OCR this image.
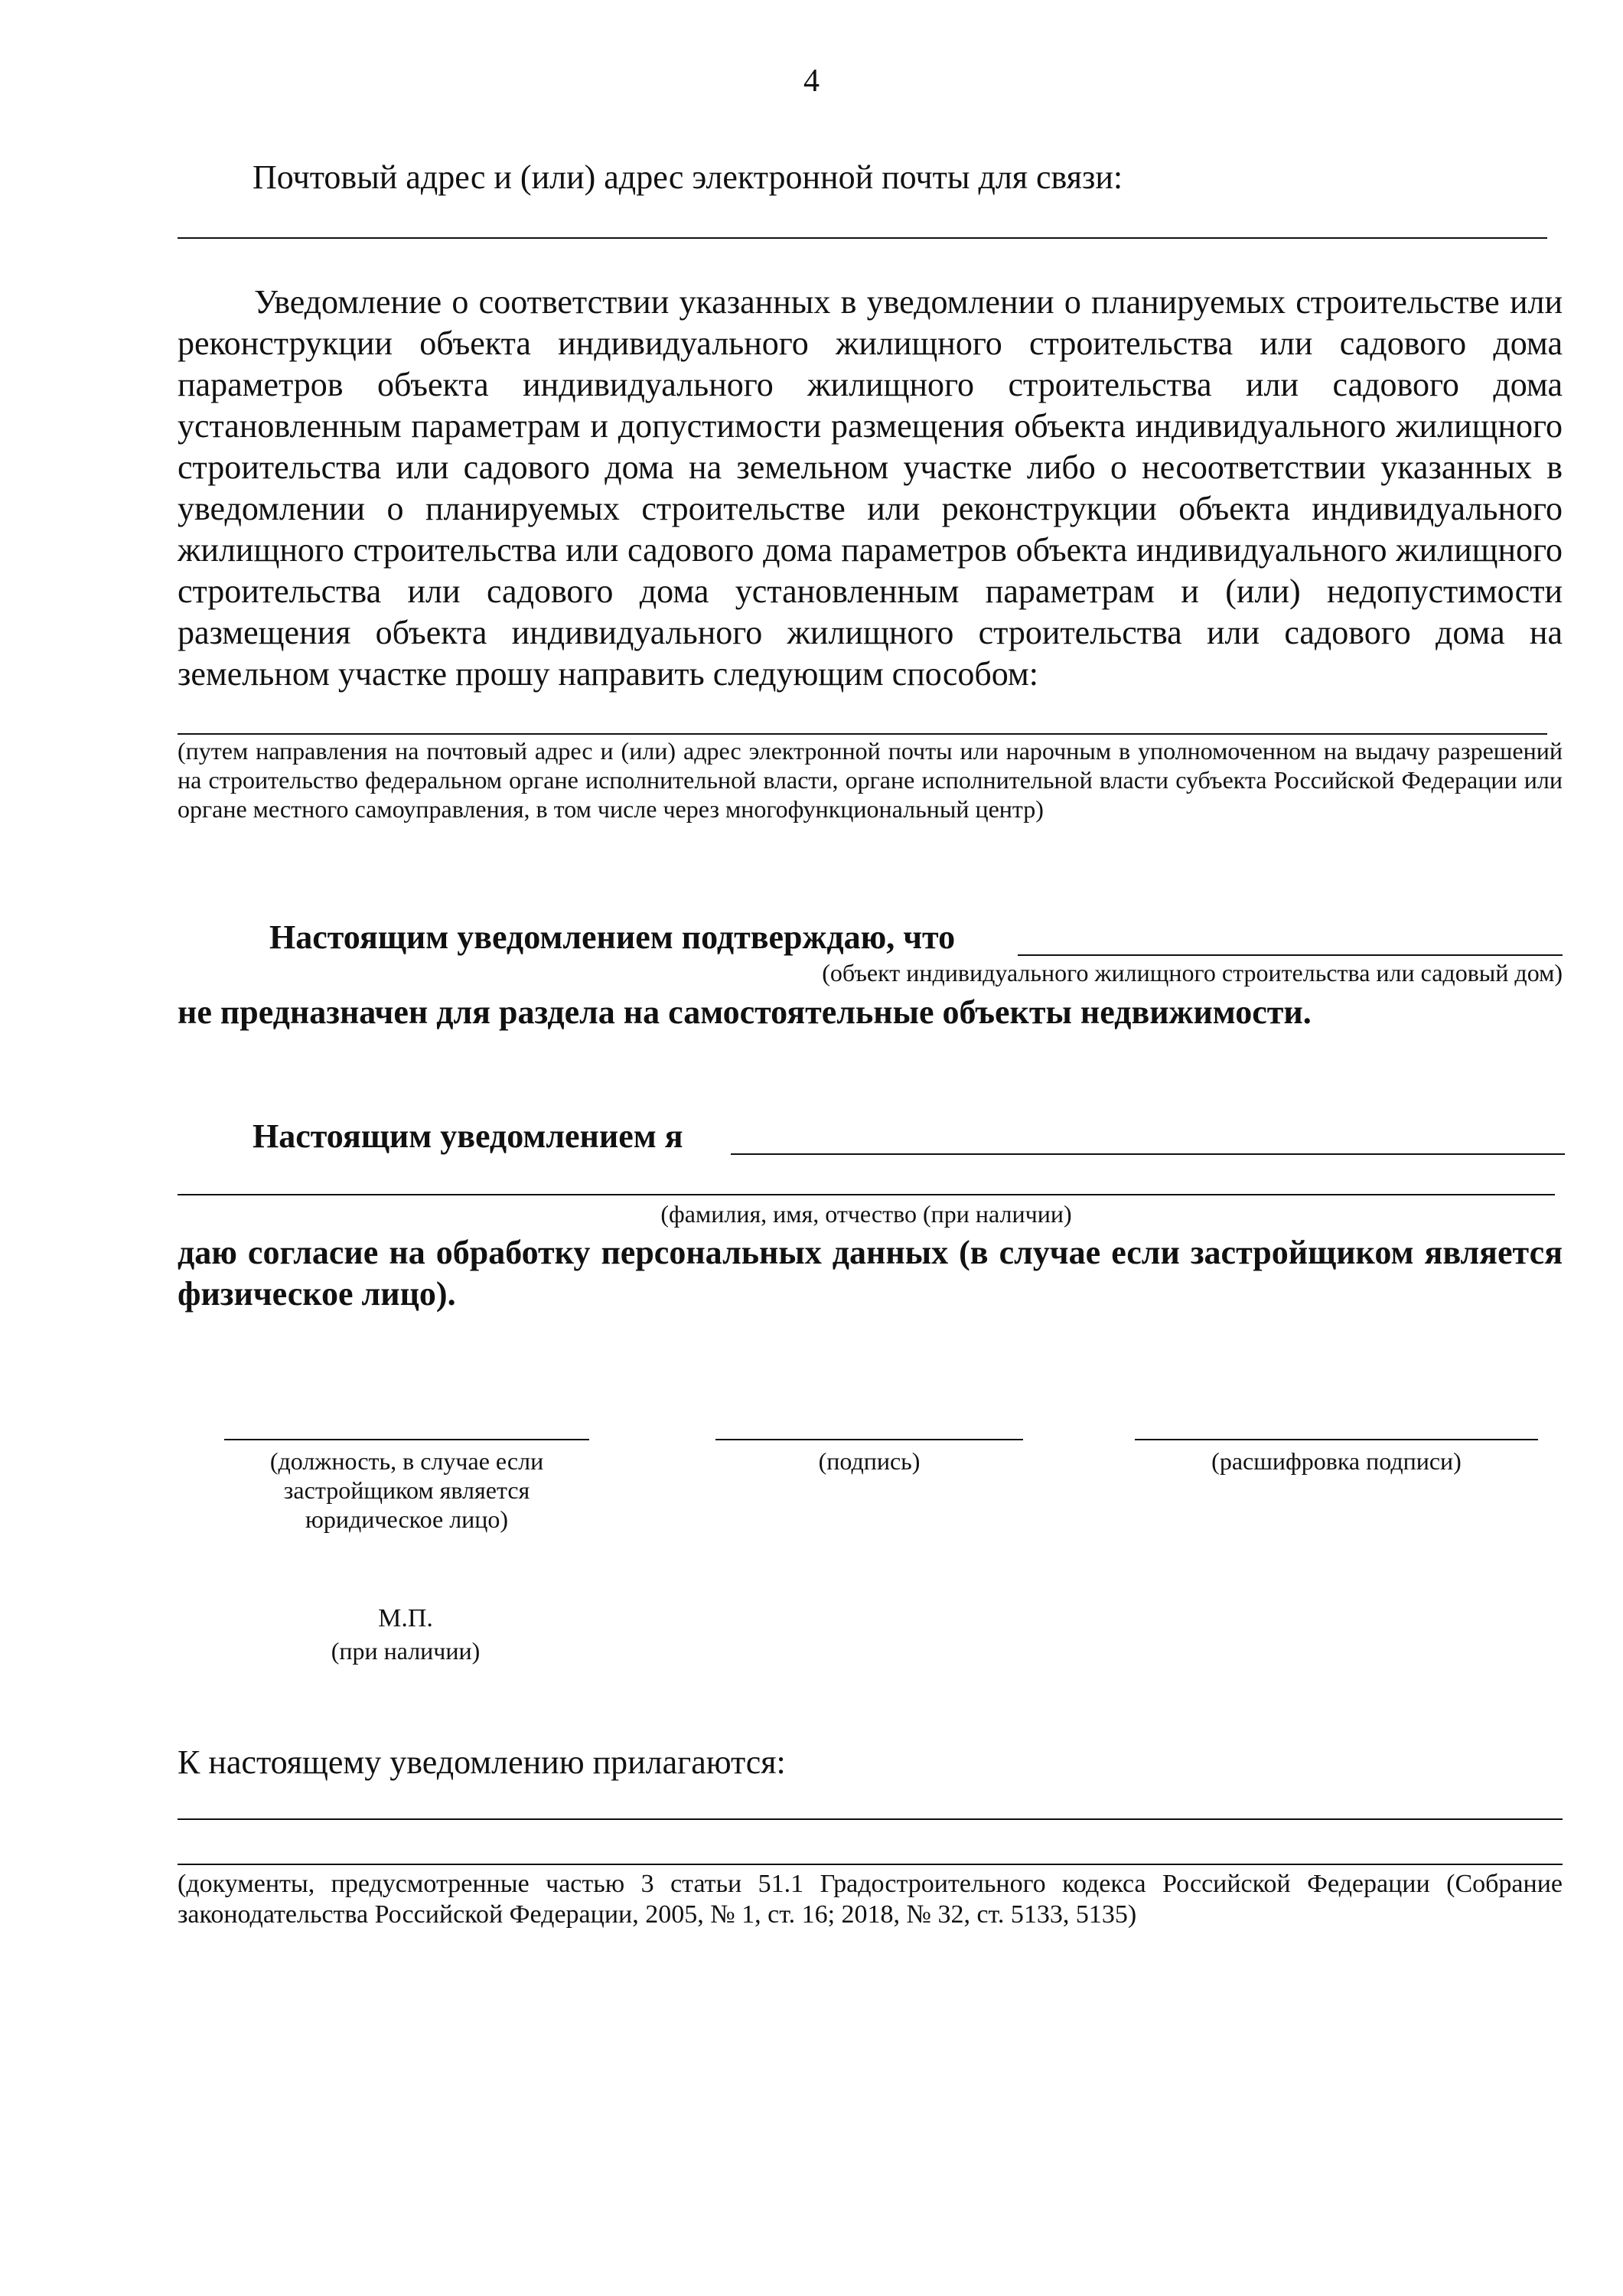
4
Почтовый адрес и (или) адрес электронной почты для связи:

Уведомление о соответствии указанных в уведомлении о планируемых строительстве или реконструкции объекта индивидуального жилищного строительства или садового дома параметров объекта индивидуального жилищного строительства или садового дома установленным параметрам и допустимости размещения объекта индивидуального жилищного строительства или садового дома на земельном участке либо о несоответствии указанных в уведомлении о планируемых строительстве или реконструкции объекта индивидуального жилищного строительства или садового дома параметров объекта индивидуального жилищного строительства или садового дома установленным параметрам и (или) недопустимости размещения объекта индивидуального жилищного строительства или садового дома на земельном участке прошу направить следующим способом:

(путем направления на почтовый адрес и (или) адрес электронной почты или нарочным в уполномоченном на выдачу разрешений на строительство федеральном органе исполнительной власти, органе исполнительной власти субъекта Российской Федерации или органе местного самоуправления, в том числе через многофункциональный центр)

Настоящим уведомлением подтверждаю, что
(объект индивидуального жилищного строительства или садовый дом)
не предназначен для раздела на самостоятельные объекты недвижимости.
Настоящим уведомлением я
(фамилия, имя, отчество (при наличии)

даю согласие на обработку персональных данных (в случае если застройщиком является физическое лицо).

(должность, в случае если застройщиком является юридическое лицо)
(подпись)	(расшифровка подписи)
М.П.
(при наличии)
К настоящему уведомлению прилагаются:

(документы, предусмотренные частью 3 статьи 51.1 Градостроительного кодекса Российской Федерации (Собрание законодательства Российской Федерации, 2005, № 1, ст. 16; 2018, № 32, ст. 5133, 5135)
